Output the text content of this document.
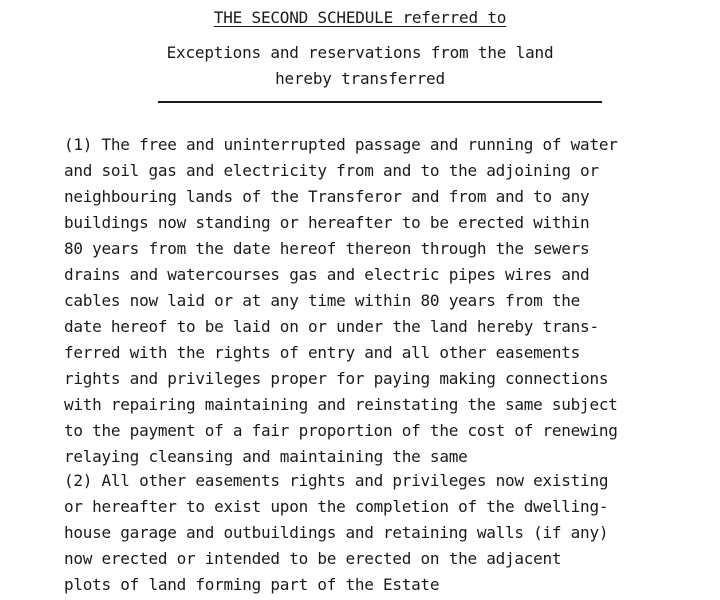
THE SECOND SCHEDULE referred to
Exceptions and reservations from the land
hereby transferred
(1) The free and uninterrupted passage and running of water
and soil gas and electricity from and to the adjoining or
neighbouring lands of the Transferor and from and to any
buildings now standing or hereafter to be erected within
80 years from the date hereof thereon through the sewers
drains and watercourses gas and electric pipes wires and
cables now laid or at any time within 80 years from the
date hereof to be laid on or under the land hereby trans-
ferred with the rights of entry and all other easements
rights and privileges proper for paying making connections
with repairing maintaining and reinstating the same subject
to the payment of a fair proportion of the cost of renewing
relaying cleansing and maintaining the same
(2) All other easements rights and privileges now existing
or hereafter to exist upon the completion of the dwelling-
house garage and outbuildings and retaining walls (if any)
now erected or intended to be erected on the adjacent
plots of land forming part of the Estate
